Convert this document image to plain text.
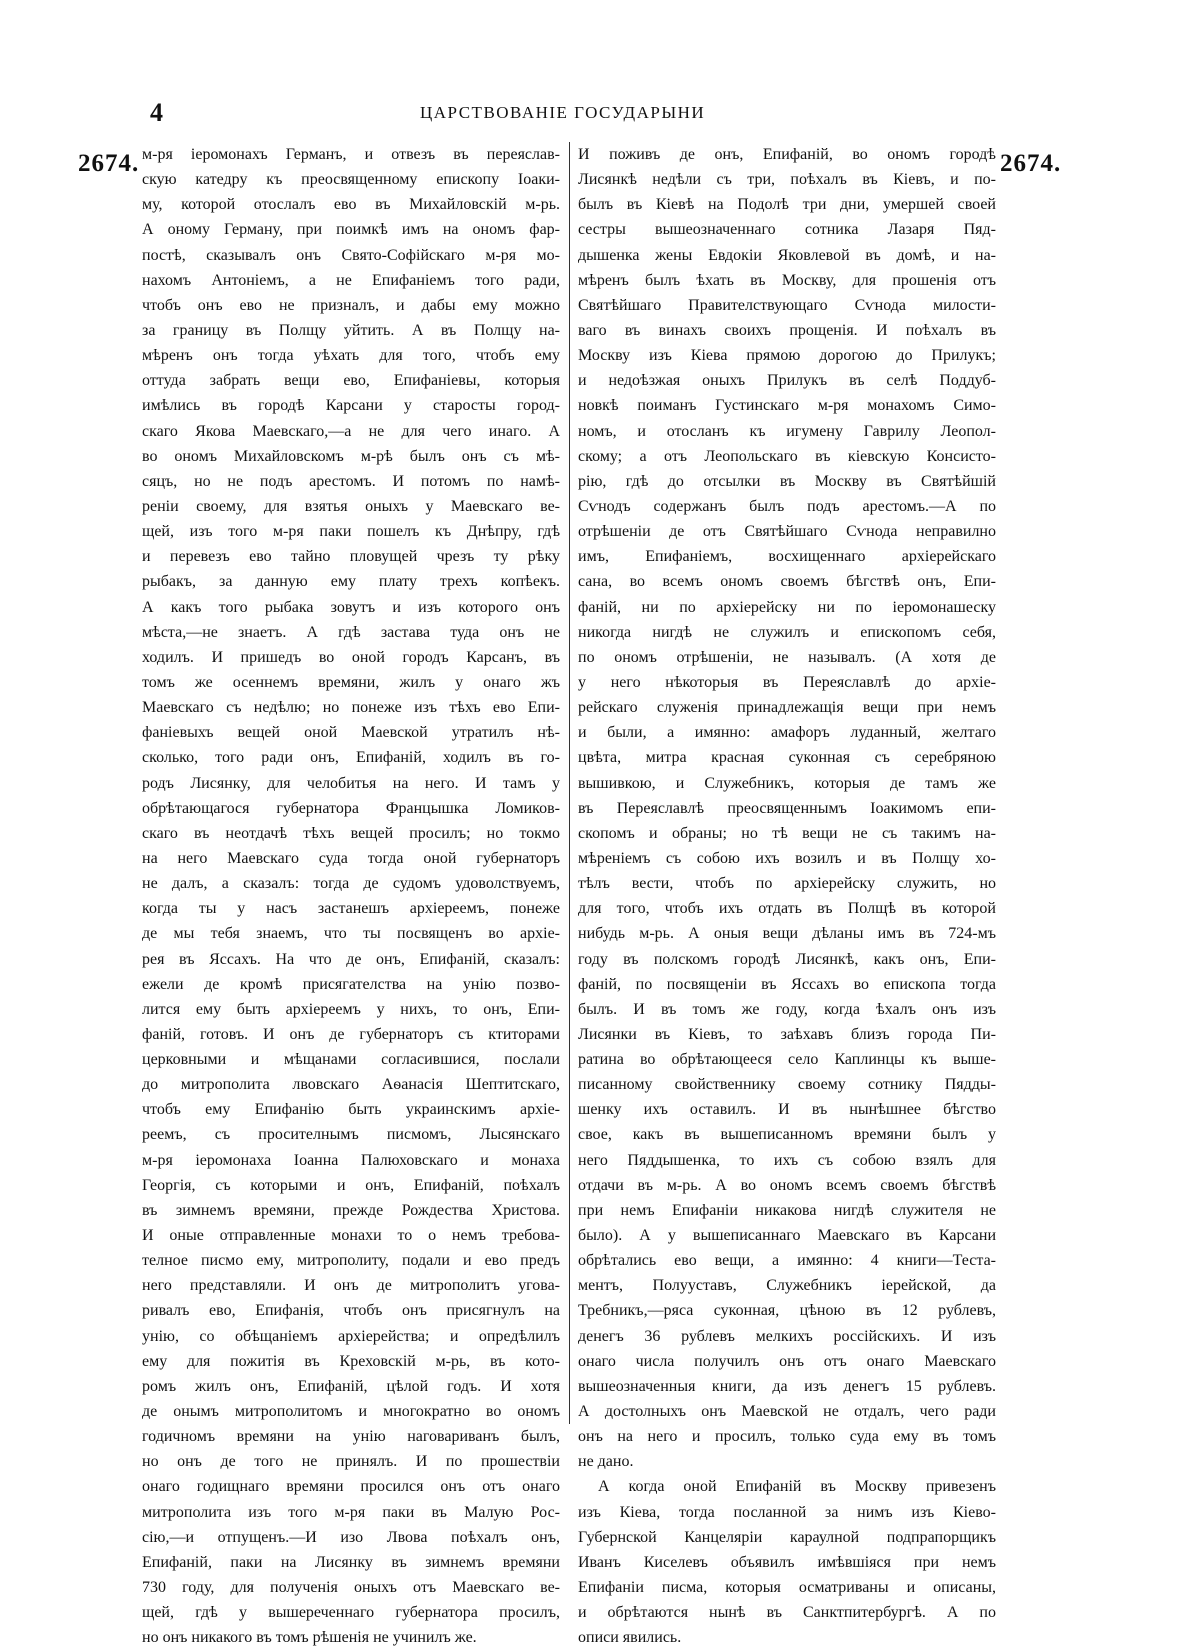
4	ЦАРСТВОВАНІЕ ГОСУДАРЫНИ
2674.	2674.
м-ря іеромонахъ Германъ, и отвезъ въ переяслав-
скую катедру къ преосвященному епископу Іоаки-
му, которой отослалъ ево въ Михайловскій м-рь.
А оному Герману, при поимкѣ имъ на ономъ фар-
постѣ, сказывалъ онъ Свято-Софійскаго м-ря мо-
нахомъ Антоніемъ, а не Епифаніемъ того ради,
чтобъ онъ ево не призналъ, и дабы ему можно
за границу въ Полщу уйтить. А въ Полщу на-
мѣренъ онъ тогда уѣхать для того, чтобъ ему
оттуда забрать вещи ево, Епифаніевы, которыя
имѣлись въ городѣ Карсани у старосты город-
скаго Якова Маевскаго,—а не для чего инаго. А
во ономъ Михайловскомъ м-рѣ былъ онъ съ мѣ-
сяцъ, но не подъ арестомъ. И потомъ по намѣ-
реніи своему, для взятья оныхъ у Маевскаго ве-
щей, изъ того м-ря паки пошелъ къ Днѣпру, гдѣ
и перевезъ ево тайно пловущей чрезъ ту рѣку
рыбакъ, за данную ему плату трехъ копѣекъ.
А какъ того рыбака зовутъ и изъ которого онъ
мѣста,—не знаетъ. А гдѣ застава туда онъ не
ходилъ. И пришедъ во оной городъ Карсанъ, въ
томъ же осеннемъ времяни, жилъ у онаго жъ
Маевскаго съ недѣлю; но понеже изъ тѣхъ ево Епи-
фаніевыхъ вещей оной Маевской утратилъ нѣ-
сколько, того ради онъ, Епифаній, ходилъ въ го-
родъ Лисянку, для челобитья на него. И тамъ у
обрѣтающагося губернатора Францышка Ломиков-
скаго въ неотдачѣ тѣхъ вещей просилъ; но токмо
на него Маевскаго суда тогда оной губернаторъ
не далъ, а сказалъ: тогда де судомъ удоволствуемъ,
когда ты у насъ застанешъ архіереемъ, понеже
де мы тебя знаемъ, что ты посвященъ во архіе-
рея въ Яссахъ. На что де онъ, Епифаній, сказалъ:
ежели де кромѣ присягателства на унію позво-
лится ему быть архіереемъ у нихъ, то онъ, Епи-
фаній, готовъ. И онъ де губернаторъ съ ктиторами
церковными и мѣщанами согласившися, послали
до митрополита лвовскаго Аѳанасія Шептитскаго,
чтобъ ему Епифанію быть украинскимъ архіе-
реемъ, съ просителнымъ писмомъ, Лысянскаго
м-ря іеромонаха Іоанна Палюховскаго и монаха
Георгія, съ которыми и онъ, Епифаній, поѣхалъ
въ зимнемъ времяни, прежде Рождества Христова.
И оные отправленные монахи то о немъ требова-
телное писмо ему, митрополиту, подали и ево предъ
него представляли. И онъ де митрополитъ угова-
ривалъ ево, Епифанія, чтобъ онъ присягнулъ на
унію, со обѣщаніемъ архіерейства; и опредѣлилъ
ему для пожитія въ Креховскій м-рь, въ кото-
ромъ жилъ онъ, Епифаній, цѣлой годъ. И хотя
де онымъ митрополитомъ и многократно во ономъ
годичномъ времяни на унію наговариванъ былъ,
но онъ де того не принялъ. И по прошествіи
онаго годищнаго времяни просился онъ отъ онаго
митрополита изъ того м-ря паки въ Малую Рос-
сію,—и отпущенъ.—И изо Лвова поѣхалъ онъ,
Епифаній, паки на Лисянку въ зимнемъ времяни
730 году, для полученія оныхъ отъ Маевскаго ве-
щей, гдѣ у вышереченнаго губернатора просилъ,
но онъ никакого въ томъ рѣшенія не учинилъ же.
И поживъ де онъ, Епифаній, во ономъ городѣ
Лисянкѣ недѣли съ три, поѣхалъ въ Кіевъ, и по-
былъ въ Кіевѣ на Подолѣ три дни, умершей своей
сестры вышеозначеннаго сотника Лазаря Пяд-
дышенка жены Евдокіи Яковлевой въ домѣ, и на-
мѣренъ былъ ѣхать въ Москву, для прошенія отъ
Святѣйшаго Правителствующаго Сѵнода милости-
ваго въ винахъ своихъ прощенія. И поѣхалъ въ
Москву изъ Кіева прямою дорогою до Прилукъ;
и недоѣзжая оныхъ Прилукъ въ селѣ Поддуб-
новкѣ поиманъ Густинскаго м-ря монахомъ Симо-
номъ, и отосланъ къ игумену Гаврилу Леопол-
скому; а отъ Леопольскаго въ кіевскую Консисто-
рію, гдѣ до отсылки въ Москву въ Святѣйшій
Сѵнодъ содержанъ былъ подъ арестомъ.—А по
отрѣшеніи де отъ Святѣйшаго Сѵнода неправилно
имъ, Епифаніемъ, восхищеннаго архіерейскаго
сана, во всемъ ономъ своемъ бѣгствѣ онъ, Епи-
фаній, ни по архіерейску ни по іеромонашеску
никогда нигдѣ не служилъ и епископомъ себя,
по ономъ отрѣшеніи, не называлъ. (А хотя де
у него нѣкоторыя въ Переяславлѣ до архіе-
рейскаго служенія принадлежащія вещи при немъ
и были, а имянно: амафоръ луданный, желтаго
цвѣта, митра красная суконная съ серебряною
вышивкою, и Служебникъ, которыя де тамъ же
въ Переяславлѣ преосвященнымъ Іоакимомъ епи-
скопомъ и обраны; но тѣ вещи не съ такимъ на-
мѣреніемъ съ собою ихъ возилъ и въ Полщу хо-
тѣлъ вести, чтобъ по архіерейску служить, но
для того, чтобъ ихъ отдать въ Полщѣ въ которой
нибудь м-рь. А оныя вещи дѣланы имъ въ 724-мъ
году въ полскомъ городѣ Лисянкѣ, какъ онъ, Епи-
фаній, по посвященіи въ Яссахъ во епископа тогда
былъ. И въ томъ же году, когда ѣхалъ онъ изъ
Лисянки въ Кіевъ, то заѣхавъ близъ города Пи-
ратина во обрѣтающееся село Каплинцы къ выше-
писанному свойственнику своему сотнику Пядды-
шенку ихъ оставилъ. И въ нынѣшнее бѣгство
свое, какъ въ вышеписанномъ времяни былъ у
него Пяддышенка, то ихъ съ собою взялъ для
отдачи въ м-рь. А во ономъ всемъ своемъ бѣгствѣ
при немъ Епифаніи никакова нигдѣ служителя не
было). А у вышеписаннаго Маевскаго въ Карсани
обрѣтались ево вещи, а имянно: 4 книги—Теста-
ментъ, Полууставъ, Служебникъ іерейской, да
Требникъ,—ряса суконная, цѣною въ 12 рублевъ,
денегъ 36 рублевъ мелкихъ россійскихъ. И изъ
онаго числа получилъ онъ отъ онаго Маевскаго
вышеозначенныя книги, да изъ денегъ 15 рублевъ.
А достолныхъ онъ Маевской не отдалъ, чего ради
онъ на него и просилъ, только суда ему въ томъ
не дано.
А когда оной Епифаній въ Москву привезенъ
изъ Кіева, тогда посланной за нимъ изъ Кіево-
Губернской Канцеляріи караулной подпрапорщикъ
Иванъ Киселевъ объявилъ имѣвшіяся при немъ
Епифаніи писма, которыя осматриваны и описаны,
и обрѣтаются нынѣ въ Санктпитербургѣ. А по
описи явились.
